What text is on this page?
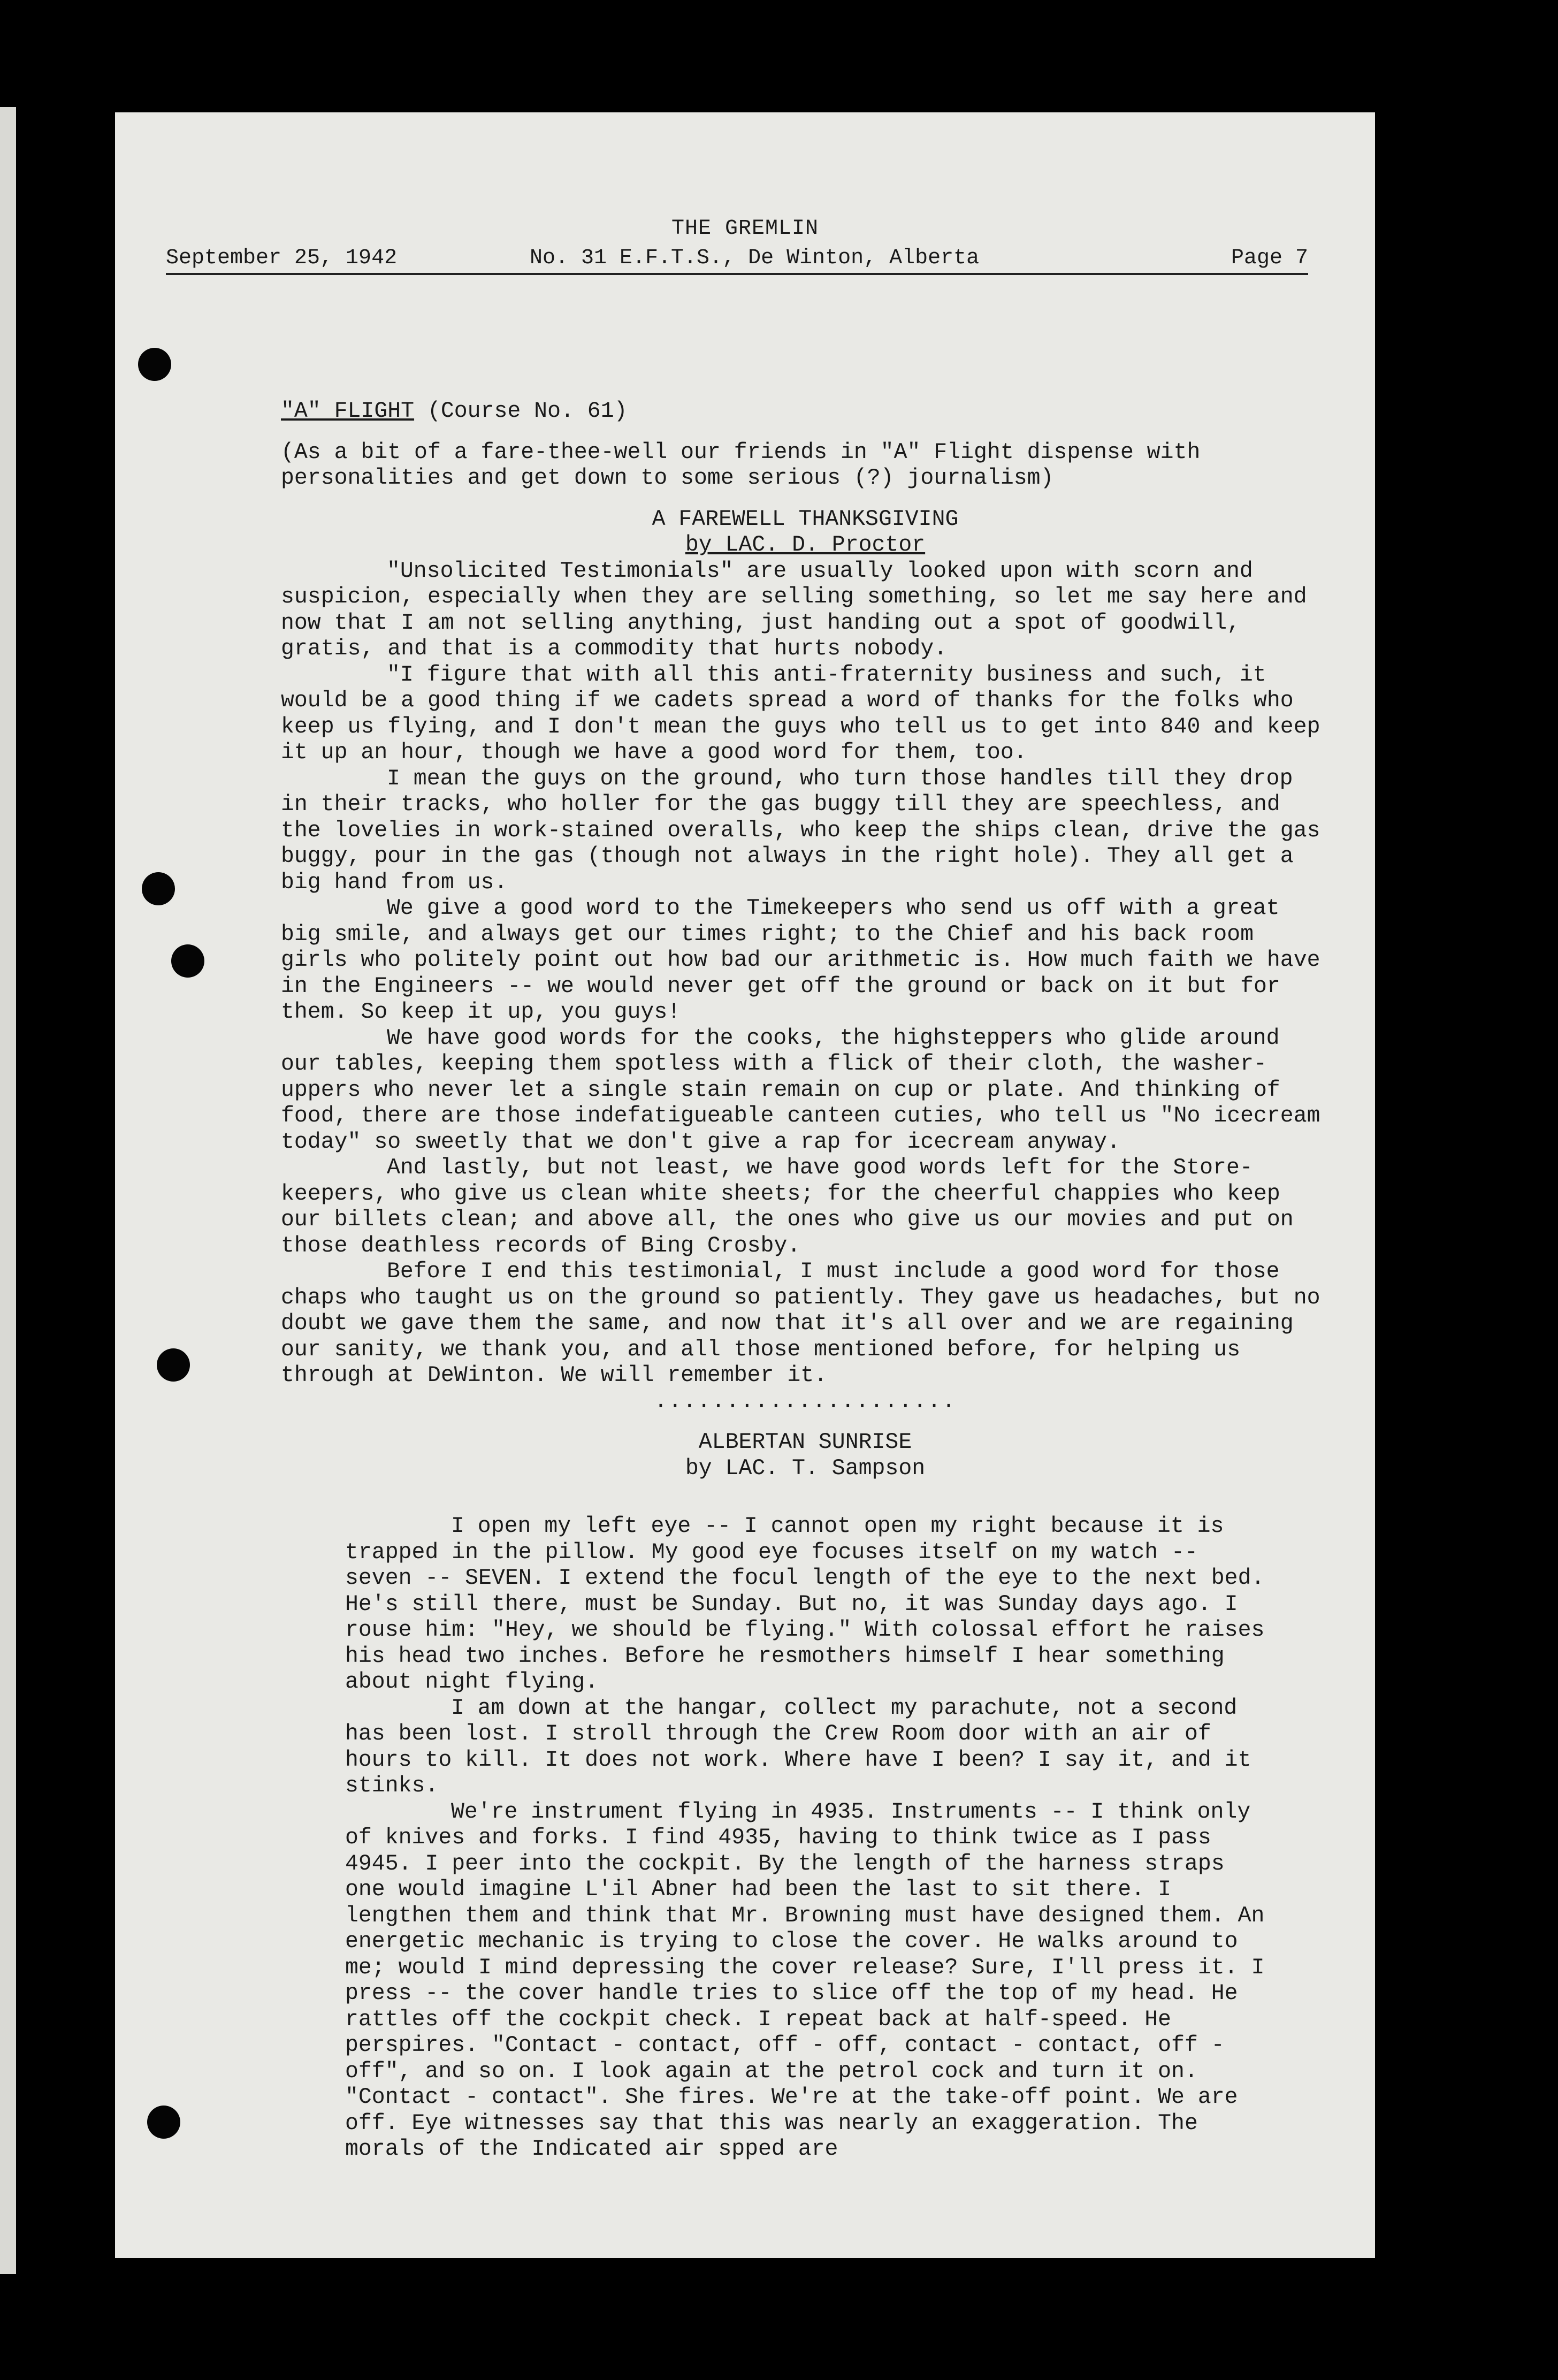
THE GREMLIN
September 25, 1942	No. 31 E.F.T.S., De Winton, Alberta	Page 7

"A" FLIGHT (Course No. 61)

(As a bit of a fare-thee-well our friends in "A" Flight dispense with personalities and get down to some serious (?) journalism)

A FAREWELL THANKSGIVING

by LAC. D. Proctor

"Unsolicited Testimonials" are usually looked upon with scorn and suspicion, especially when they are selling something, so let me say here and now that I am not selling anything, just handing out a spot of goodwill, gratis, and that is a commodity that hurts nobody.

"I figure that with all this anti-fraternity business and such, it would be a good thing if we cadets spread a word of thanks for the folks who keep us flying, and I don't mean the guys who tell us to get into 840 and keep it up an hour, though we have a good word for them, too.

I mean the guys on the ground, who turn those handles till they drop in their tracks, who holler for the gas buggy till they are speechless, and the lovelies in work-stained overalls, who keep the ships clean, drive the gas buggy, pour in the gas (though not always in the right hole). They all get a big hand from us.

We give a good word to the Timekeepers who send us off with a great big smile, and always get our times right; to the Chief and his back room girls who politely point out how bad our arithmetic is. How much faith we have in the Engineers -- we would never get off the ground or back on it but for them. So keep it up, you guys!

We have good words for the cooks, the highsteppers who glide around our tables, keeping them spotless with a flick of their cloth, the washer-uppers who never let a single stain remain on cup or plate. And thinking of food, there are those indefatigueable canteen cuties, who tell us "No icecream today" so sweetly that we don't give a rap for icecream anyway.

And lastly, but not least, we have good words left for the Store-keepers, who give us clean white sheets; for the cheerful chappies who keep our billets clean; and above all, the ones who give us our movies and put on those deathless records of Bing Crosby.

Before I end this testimonial, I must include a good word for those chaps who taught us on the ground so patiently. They gave us headaches, but no doubt we gave them the same, and now that it's all over and we are regaining our sanity, we thank you, and all those mentioned before, for helping us through at DeWinton. We will remember it.

.....................

ALBERTAN SUNRISE

by LAC. T. Sampson

I open my left eye -- I cannot open my right because it is trapped in the pillow. My good eye focuses itself on my watch -- seven -- SEVEN. I extend the focul length of the eye to the next bed. He's still there, must be Sunday. But no, it was Sunday days ago. I rouse him: "Hey, we should be flying." With colossal effort he raises his head two inches. Before he resmothers himself I hear something about night flying.

I am down at the hangar, collect my parachute, not a second has been lost. I stroll through the Crew Room door with an air of hours to kill. It does not work. Where have I been? I say it, and it stinks.

We're instrument flying in 4935. Instruments -- I think only of knives and forks. I find 4935, having to think twice as I pass 4945. I peer into the cockpit. By the length of the harness straps one would imagine L'il Abner had been the last to sit there. I lengthen them and think that Mr. Browning must have designed them. An energetic mechanic is trying to close the cover. He walks around to me; would I mind depressing the cover release? Sure, I'll press it. I press -- the cover handle tries to slice off the top of my head. He rattles off the cockpit check. I repeat back at half-speed. He perspires. "Contact - contact, off - off, contact - contact, off - off", and so on. I look again at the petrol cock and turn it on. "Contact - contact". She fires. We're at the take-off point. We are off. Eye witnesses say that this was nearly an exaggeration. The morals of the Indicated air spped are
